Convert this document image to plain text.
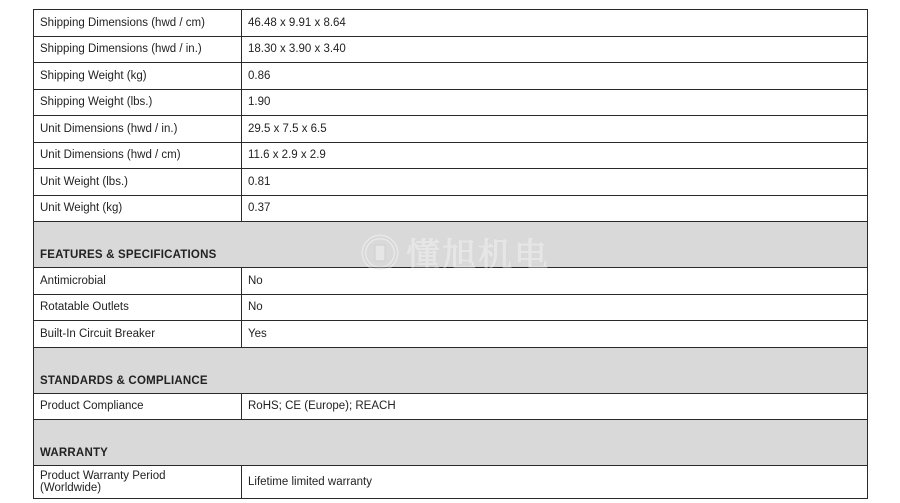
Shipping Dimensions (hwd / cm)	46.48 x 9.91 x 8.64
Shipping Dimensions (hwd / in.)	18.30 x 3.90 x 3.40
Shipping Weight (kg)	0.86
Shipping Weight (lbs.)	1.90
Unit Dimensions (hwd / in.)	29.5 x 7.5 x 6.5
Unit Dimensions (hwd / cm)	11.6 x 2.9 x 2.9
Unit Weight (lbs.)	0.81
Unit Weight (kg)	0.37
FEATURES & SPECIFICATIONS	
Antimicrobial	No
Rotatable Outlets	No
Built-In Circuit Breaker	Yes
STANDARDS & COMPLIANCE	
Product Compliance	RoHS; CE (Europe); REACH
WARRANTY	
Product Warranty Period
(Worldwide)	Lifetime limited warranty
懂旭机电
